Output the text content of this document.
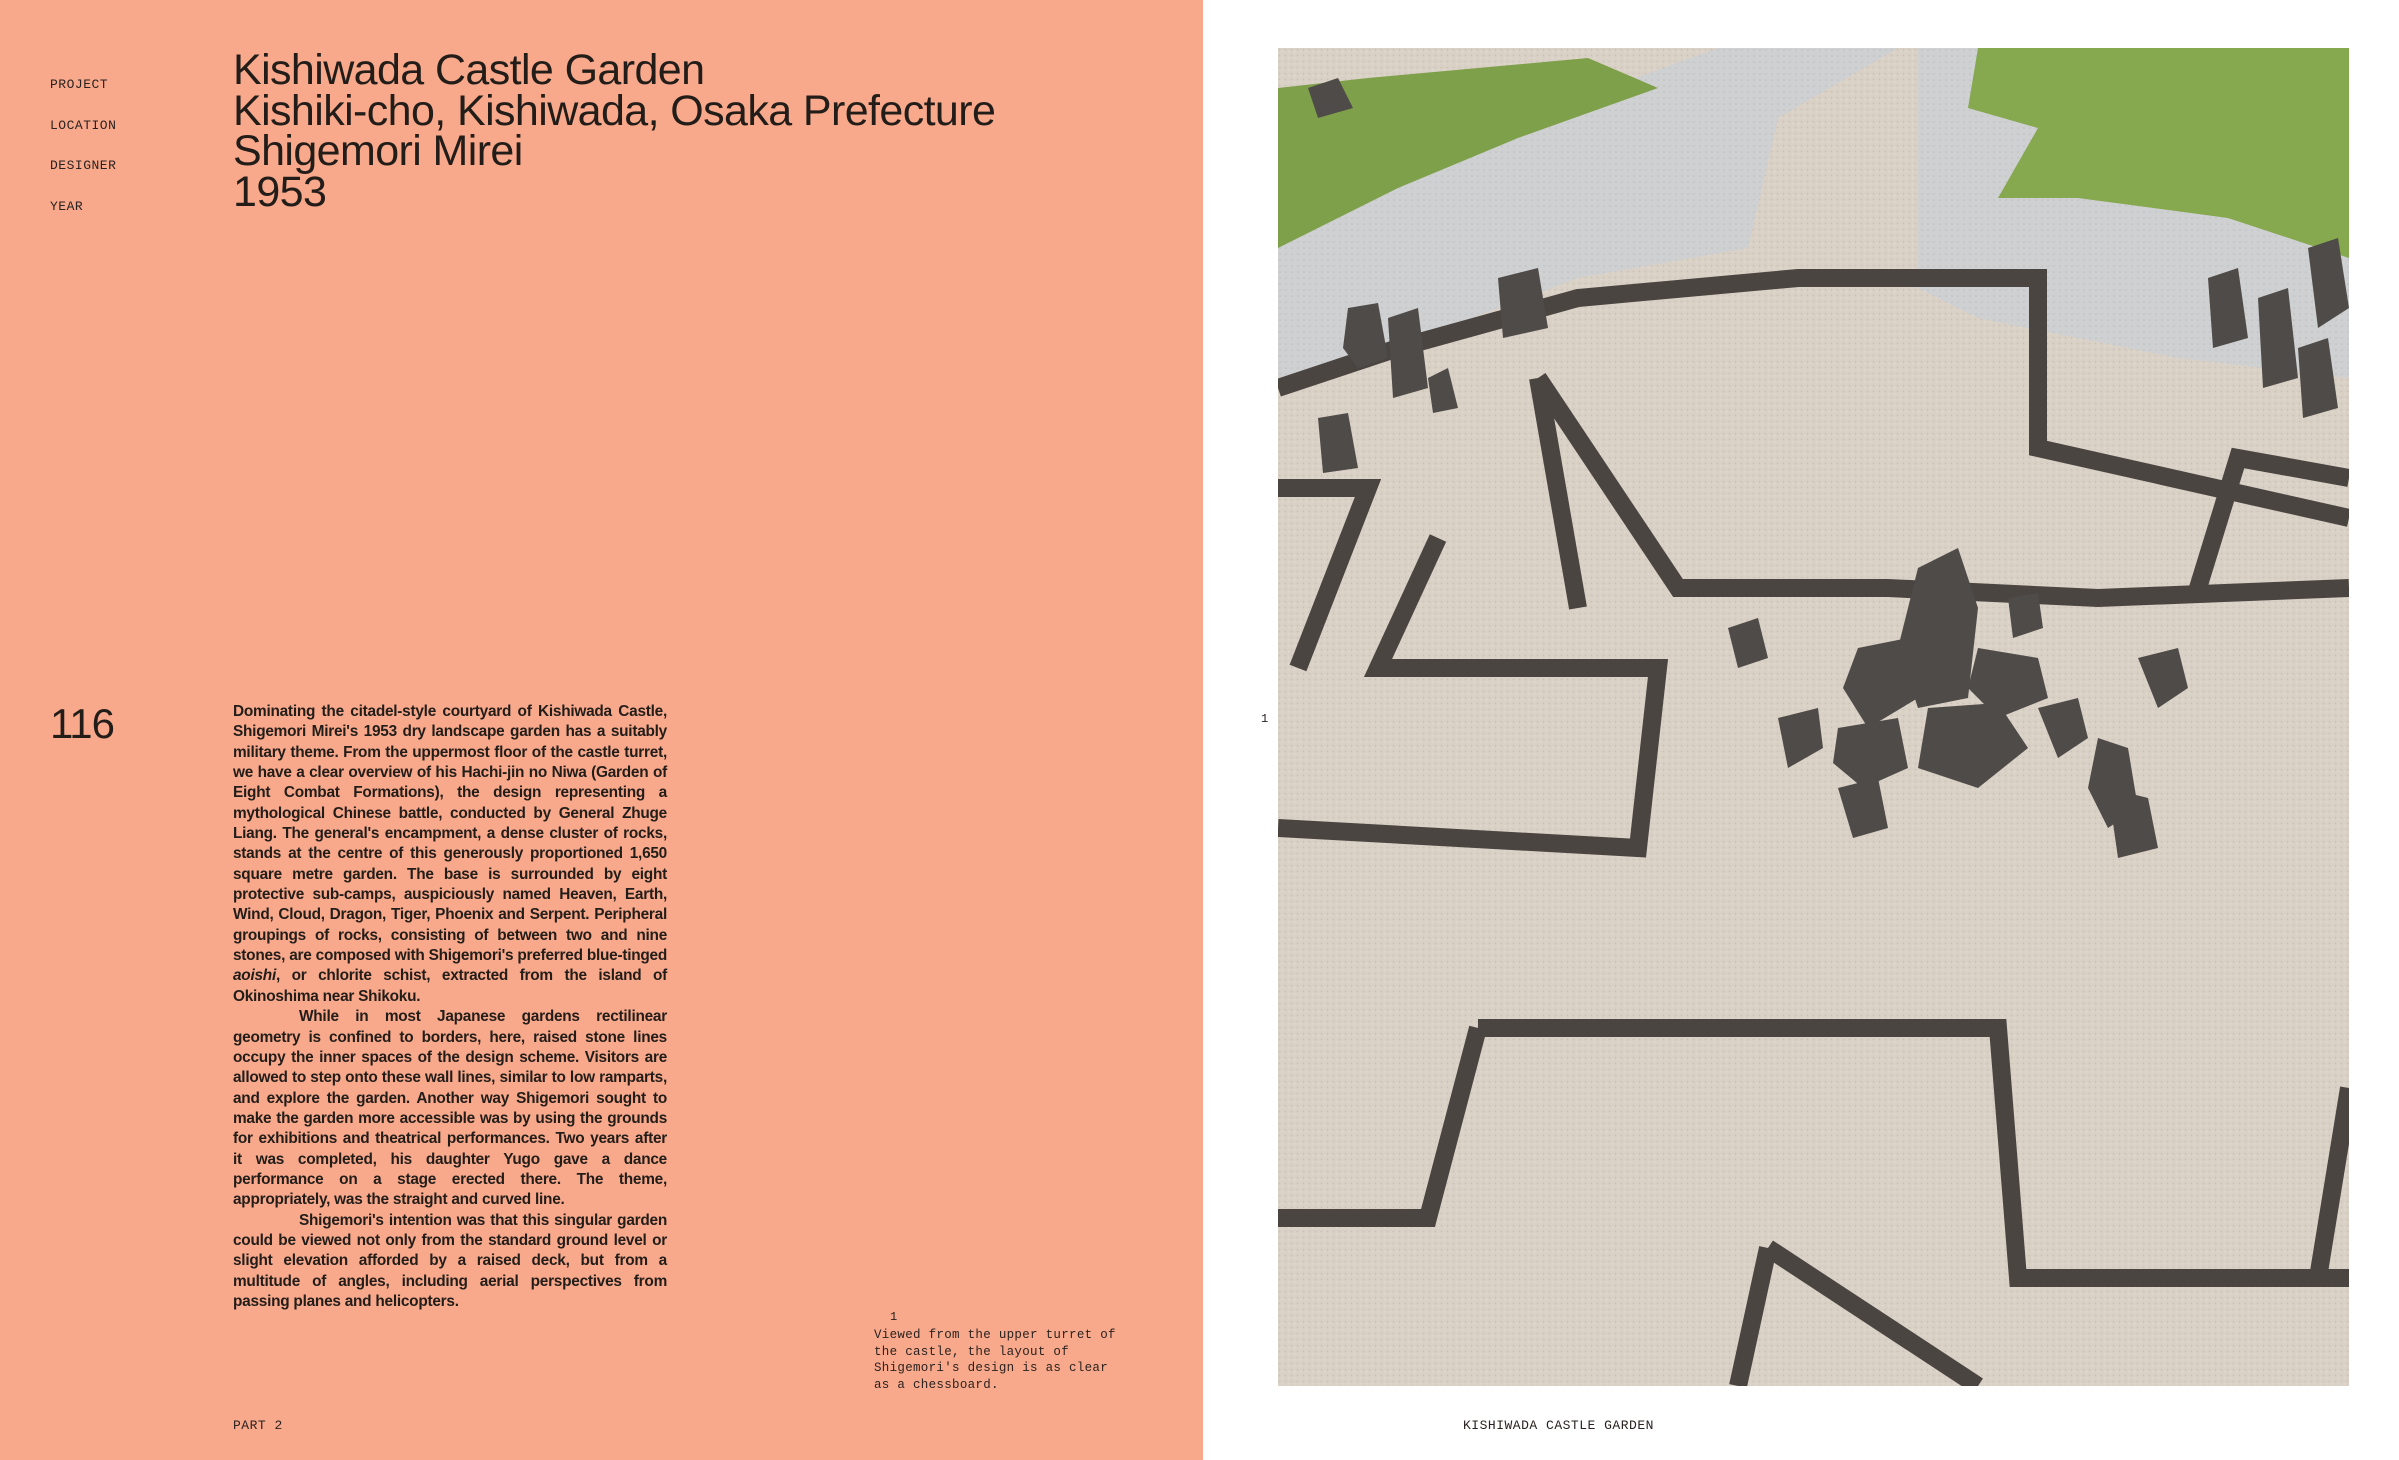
PROJECT
LOCATION
DESIGNER
YEAR
Kishiwada Castle Garden
Kishiki-cho, Kishiwada, Osaka Prefecture
Shigemori Mirei
1953
116	Dominating the citadel-style courtyard of Kishiwada Castle, Shigemori Mirei's 1953 dry landscape garden has a suitably military theme. From the uppermost floor of the castle turret, we have a clear overview of his Hachi-jin no Niwa (Garden of Eight Combat Formations), the design representing a mythological Chinese battle, conducted by General Zhuge Liang. The general's encampment, a dense cluster of rocks, stands at the centre of this generously proportioned 1,650 square metre garden. The base is surrounded by eight protective sub-camps, auspiciously named Heaven, Earth, Wind, Cloud, Dragon, Tiger, Phoenix and Serpent. Peripheral groupings of rocks, consisting of between two and nine stones, are composed with Shigemori's preferred blue-tinged aoishi, or chlorite schist, extracted from the island of Okinoshima near Shikoku.

While in most Japanese gardens rectilinear geometry is confined to borders, here, raised stone lines occupy the inner spaces of the design scheme. Visitors are allowed to step onto these wall lines, similar to low ramparts, and explore the garden. Another way Shigemori sought to make the garden more accessible was by using the grounds for exhibitions and theatrical performances. Two years after it was completed, his daughter Yugo gave a dance performance on a stage erected there. The theme, appropriately, was the straight and curved line.

Shigemori's intention was that this singular garden could be viewed not only from the standard ground level or slight elevation afforded by a raised deck, but from a multitude of angles, including aerial perspectives from passing planes and helicopters.

1
Viewed from the upper turret of the castle, the layout of Shigemori's design is as clear as a chessboard.
PART 2
1
KISHIWADA CASTLE GARDEN
